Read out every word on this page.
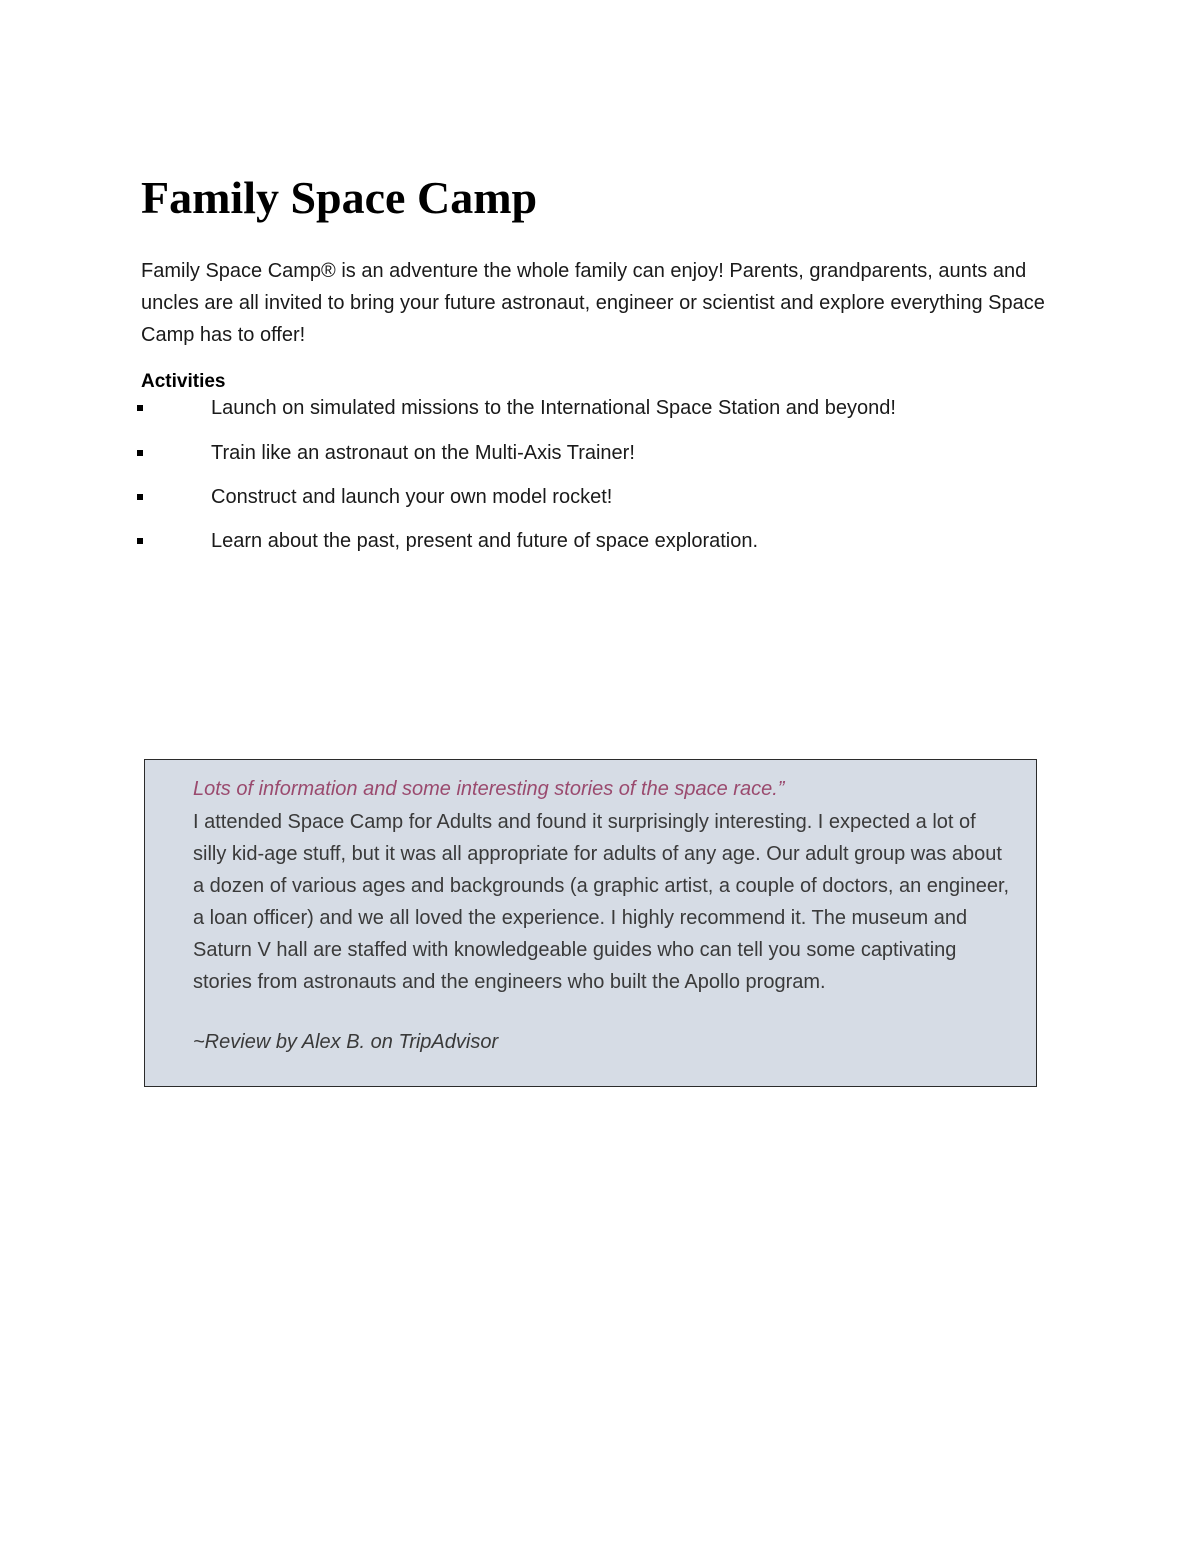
Family Space Camp

Family Space Camp® is an adventure the whole family can enjoy! Parents, grandparents, aunts and uncles are all invited to bring your future astronaut, engineer or scientist and explore everything Space Camp has to offer!

Activities
Launch on simulated missions to the International Space Station and beyond!
Train like an astronaut on the Multi-Axis Trainer!
Construct and launch your own model rocket!
Learn about the past, present and future of space exploration.

Lots of information and some interesting stories of the space race.”

I attended Space Camp for Adults and found it surprisingly interesting. I expected a lot of silly kid-age stuff, but it was all appropriate for adults of any age. Our adult group was about a dozen of various ages and backgrounds (a graphic artist, a couple of doctors, an engineer, a loan officer) and we all loved the experience. I highly recommend it. The museum and Saturn V hall are staffed with knowledgeable guides who can tell you some captivating stories from astronauts and the engineers who built the Apollo program.

~Review by Alex B. on TripAdvisor
